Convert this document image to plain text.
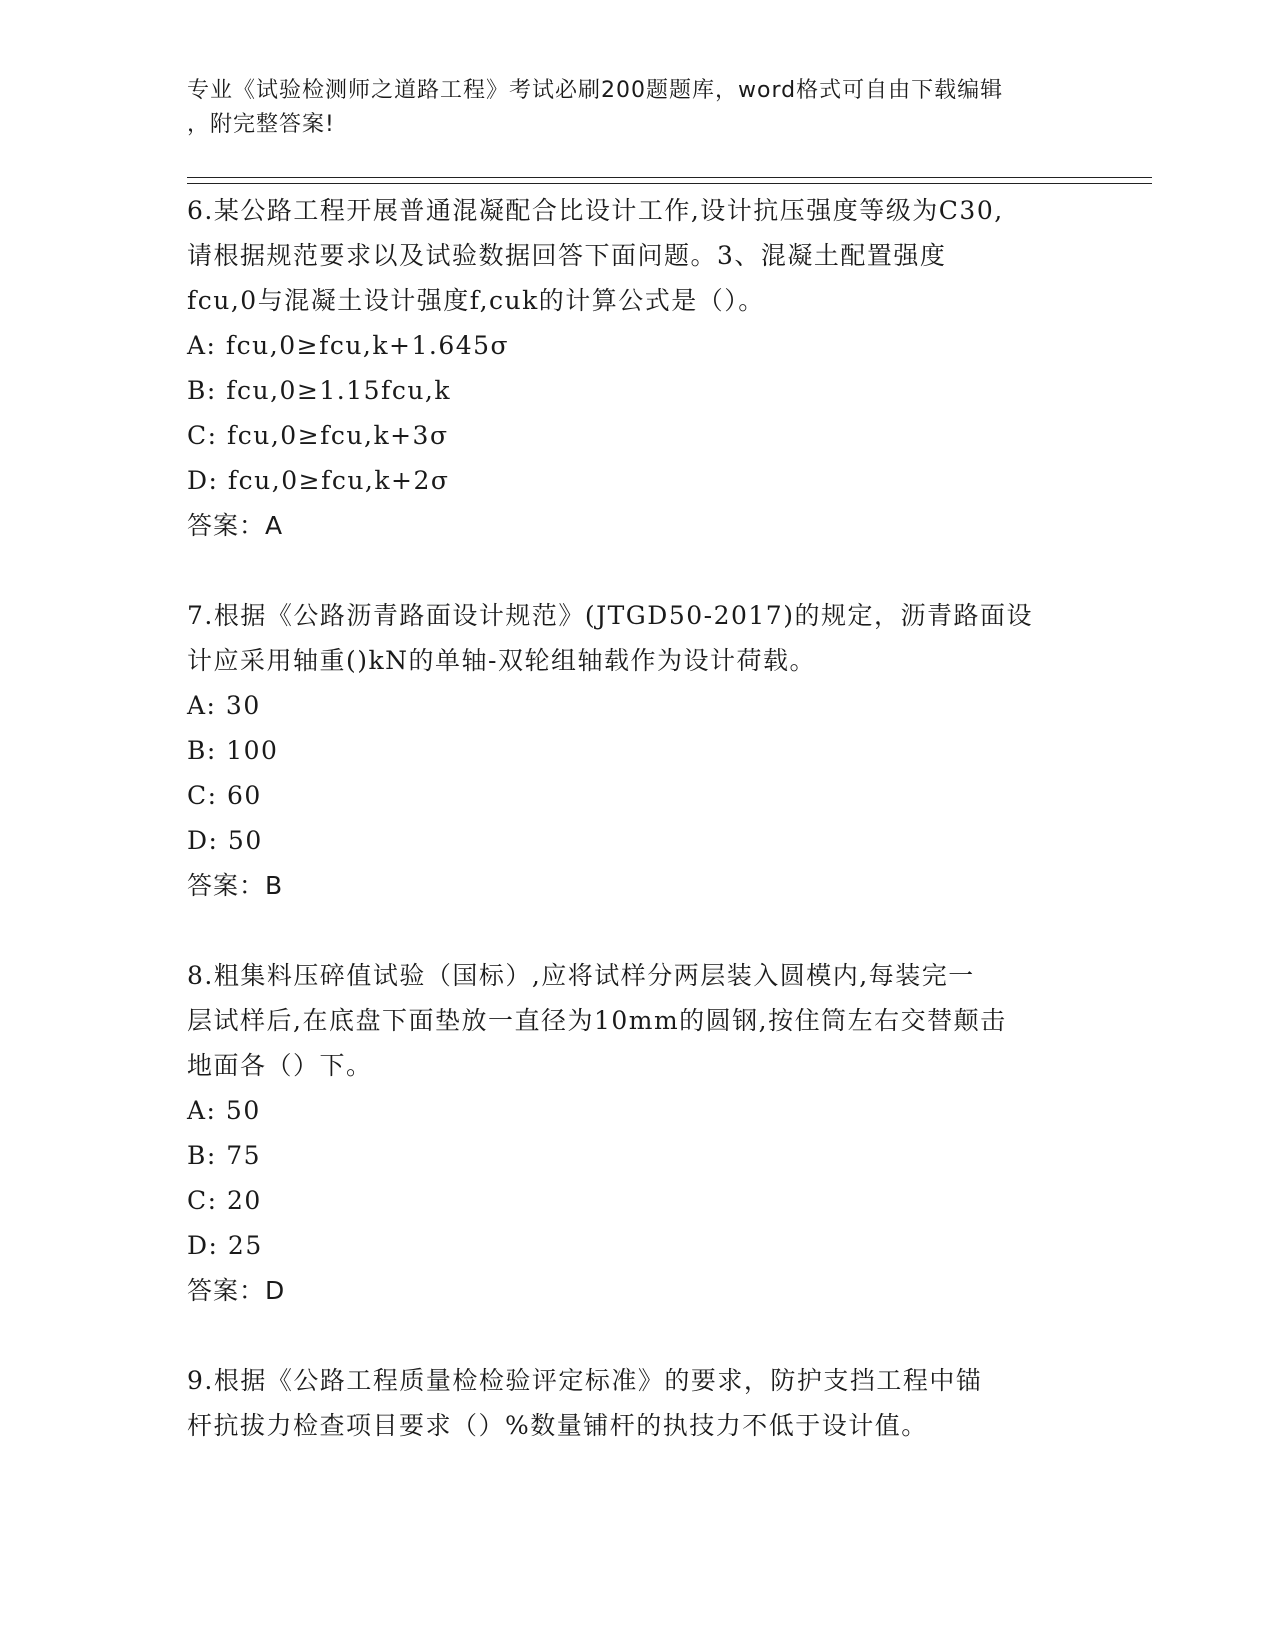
专业《试验检测师之道路工程》考试必刷200题题库，word格式可自由下载编辑
，附完整答案!
6.某公路工程开展普通混凝配合比设计工作,设计抗压强度等级为C30,
请根据规范要求以及试验数据回答下面问题。3、混凝土配置强度
fcu,0与混凝土设计强度f,cuk的计算公式是（）。
A: fcu,0≥fcu,k+1.645σ
B: fcu,0≥1.15fcu,k
C: fcu,0≥fcu,k+3σ
D: fcu,0≥fcu,k+2σ
答案：A
7.根据《公路沥青路面设计规范》(JTGD50-2017)的规定，沥青路面设
计应采用轴重()kN的单轴-双轮组轴载作为设计荷载。
A: 30
B: 100
C: 60
D: 50
答案：B
8.粗集料压碎值试验（国标）,应将试样分两层装入圆模内,每装完一
层试样后,在底盘下面垫放一直径为10mm的圆钢,按住筒左右交替颠击
地面各（）下。
A: 50
B: 75
C: 20
D: 25
答案：D
9.根据《公路工程质量检检验评定标准》的要求，防护支挡工程中锚
杆抗拔力检查项目要求（）%数量铺杆的执技力不低于设计值。
